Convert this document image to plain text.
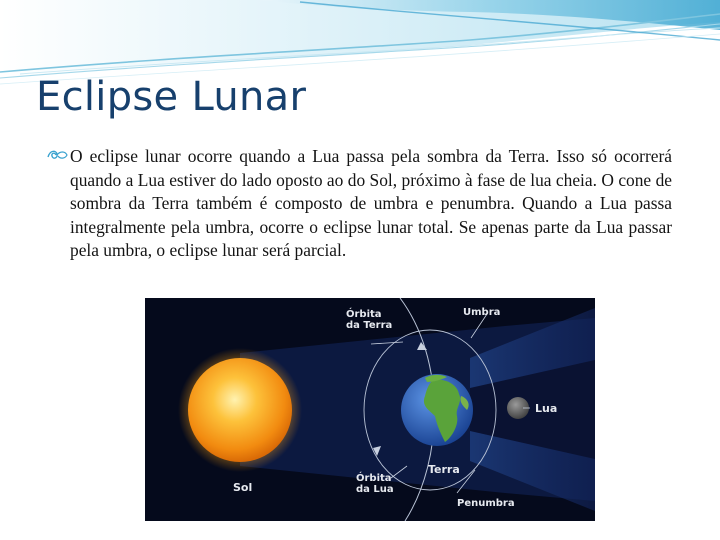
Eclipse Lunar

O eclipse lunar ocorre quando a Lua passa pela sombra da Terra. Isso só ocorrerá quando a Lua estiver do lado oposto ao do Sol, próximo à fase de lua cheia. O cone de sombra da Terra também é composto de umbra e penumbra. Quando a Lua passa integralmente pela umbra, ocorre o eclipse lunar total. Se apenas parte da Lua passar pela umbra, o eclipse lunar será parcial.

Órbita
da Terra
Umbra
Lua
Terra
Sol
Órbita
da Lua
Penumbra
